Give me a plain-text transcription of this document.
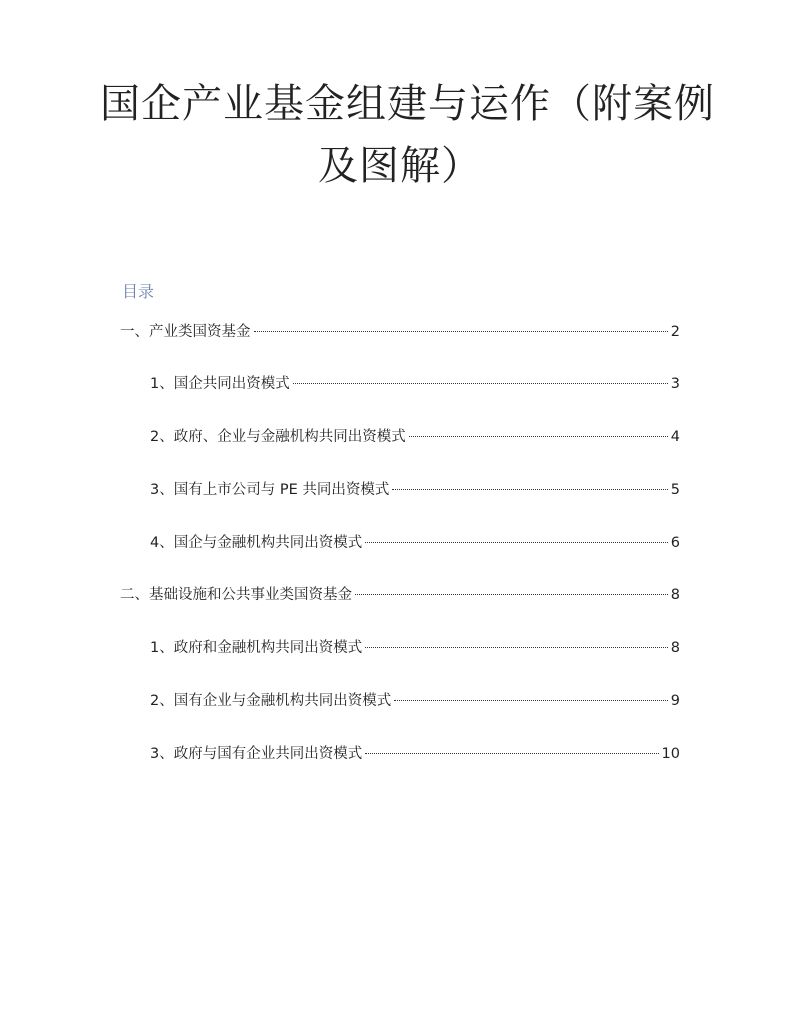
国企产业基金组建与运作（附案例
及图解）
目录
一、产业类国资基金	2
1、国企共同出资模式	3
2、政府、企业与金融机构共同出资模式	4
3、国有上市公司与 PE 共同出资模式	5
4、国企与金融机构共同出资模式	6
二、基础设施和公共事业类国资基金	8
1、政府和金融机构共同出资模式	8
2、国有企业与金融机构共同出资模式	9
3、政府与国有企业共同出资模式	10
